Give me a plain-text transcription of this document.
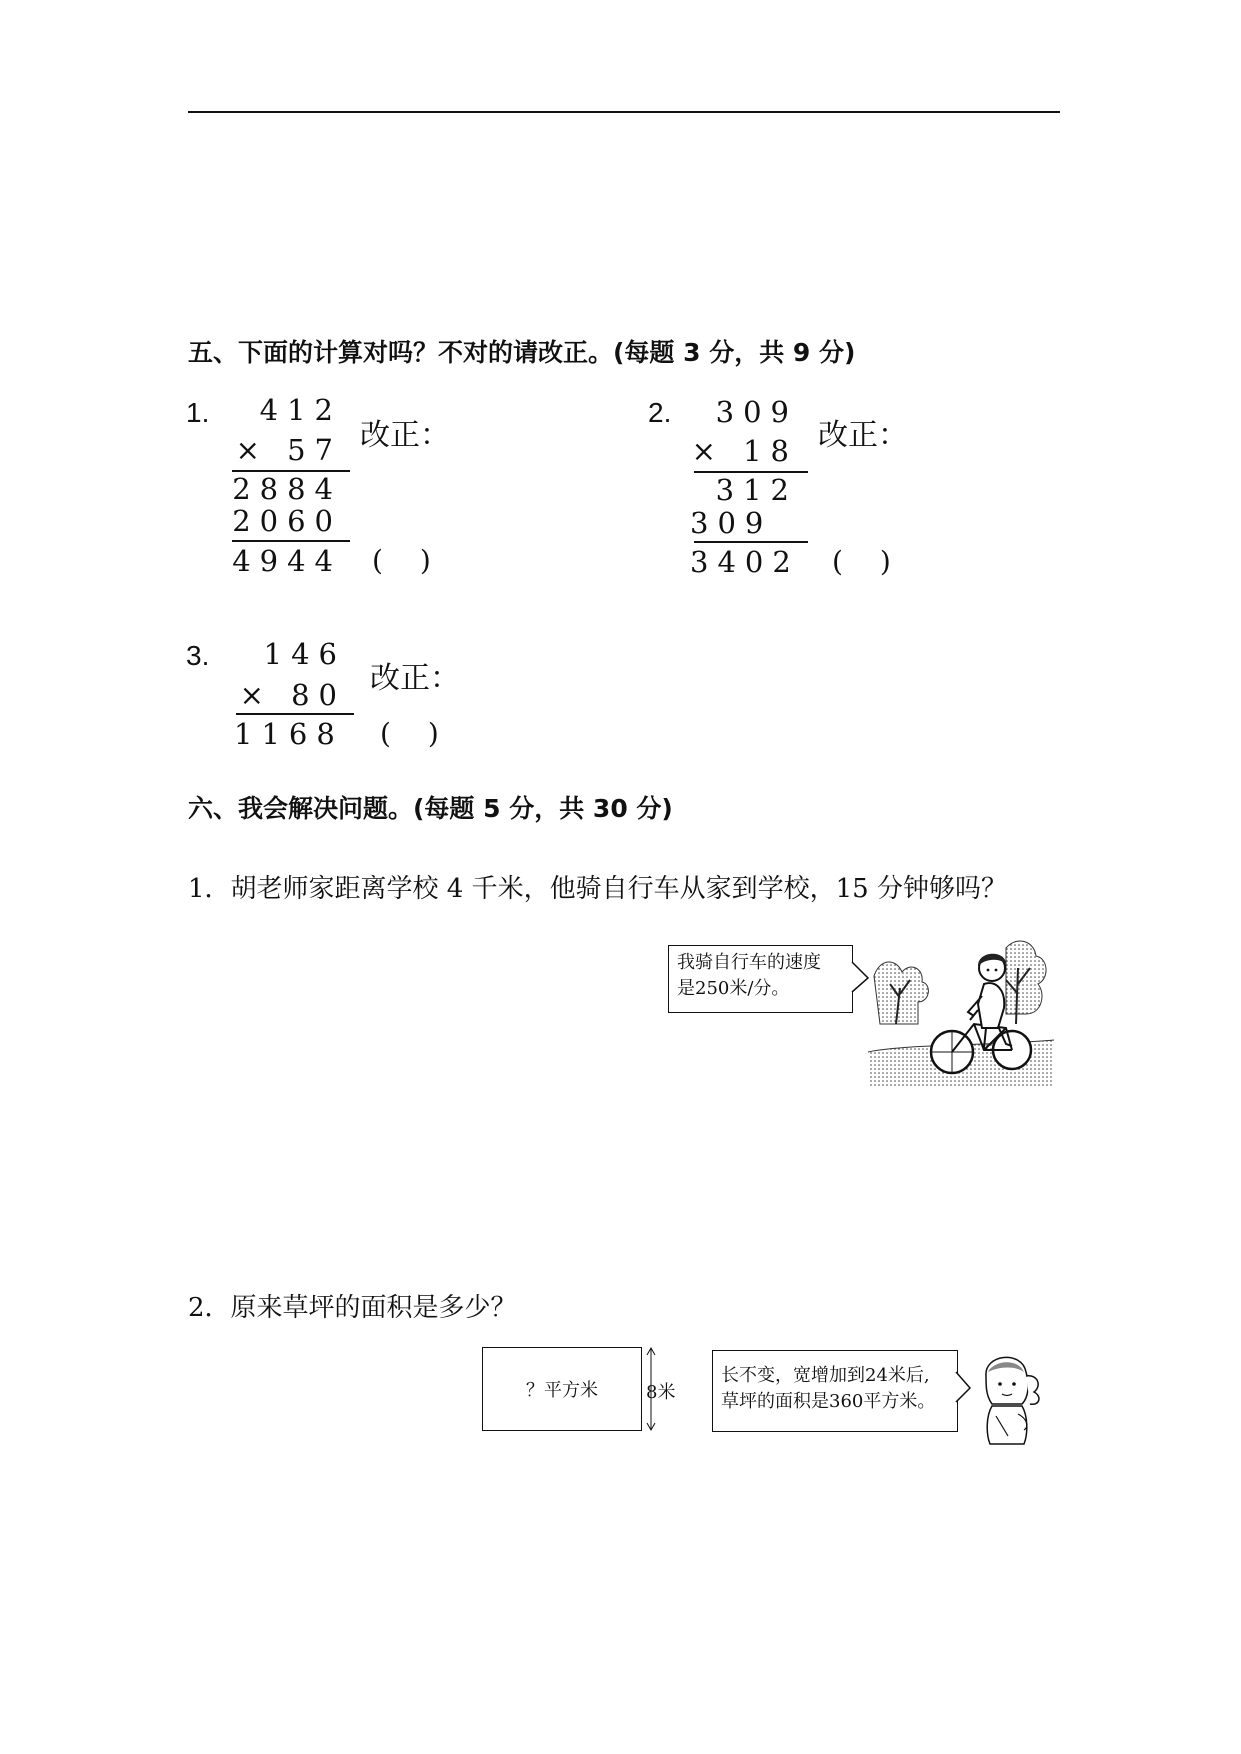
五、下面的计算对吗？不对的请改正。(每题 3 分，共 9 分)
1.	412
× 57
2884
2060
4944
改正：
( )
2.	309
× 18
312
309
3402
改正：
( )
3.	146
× 80
1168
改正：
( )
六、我会解决问题。(每题 5 分，共 30 分)
1．胡老师家距离学校 4 千米，他骑自行车从家到学校，15 分钟够吗？
我骑自行车的速度
是250米/分。
2．原来草坪的面积是多少？
？平方米	8米
长不变，宽增加到24米后,
草坪的面积是360平方米。
